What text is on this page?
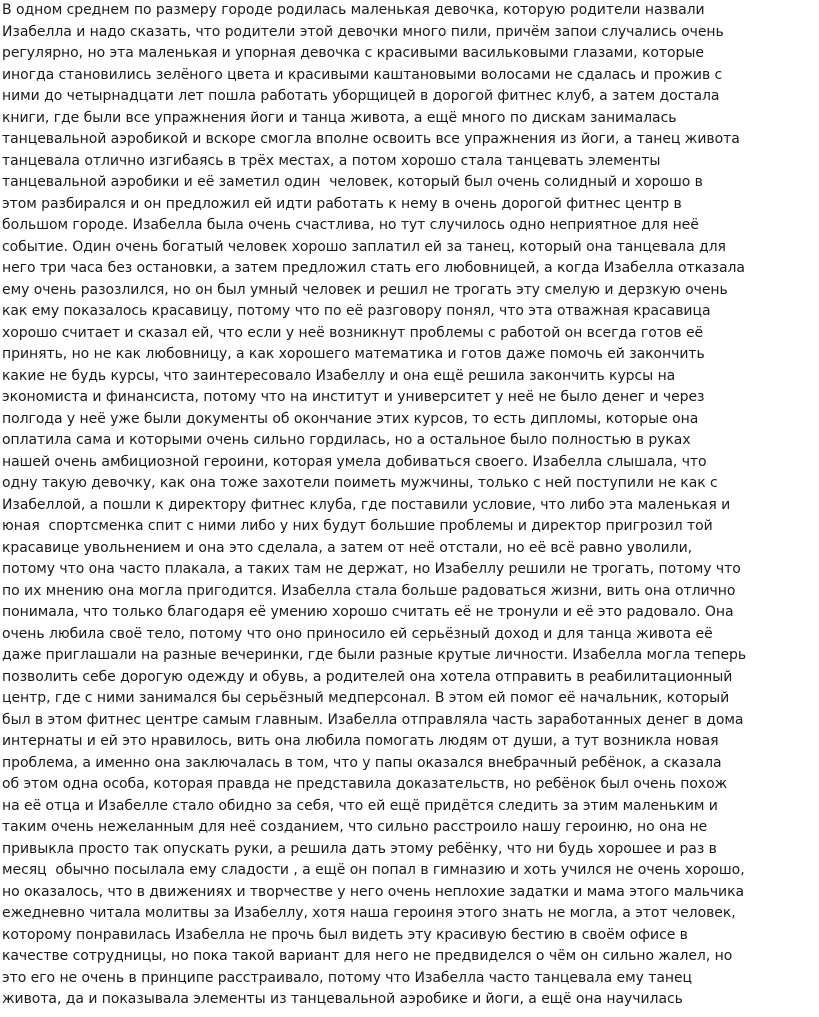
В одном среднем по размеру городе родилась маленькая девочка, которую родители назвали
Изабелла и надо сказать, что родители этой девочки много пили, причём запои случались очень
регулярно, но эта маленькая и упорная девочка с красивыми васильковыми глазами, которые
иногда становились зелёного цвета и красивыми каштановыми волосами не сдалась и прожив с
ними до четырнадцати лет пошла работать уборщицей в дорогой фитнес клуб, а затем достала
книги, где были все упражнения йоги и танца живота, а ещё много по дискам занималась
танцевальной аэробикой и вскоре смогла вполне освоить все упражнения из йоги, а танец живота
танцевала отлично изгибаясь в трёх местах, а потом хорошо стала танцевать элементы
танцевальной аэробики и её заметил один  человек, который был очень солидный и хорошо в
этом разбирался и он предложил ей идти работать к нему в очень дорогой фитнес центр в
большом городе. Изабелла была очень счастлива, но тут случилось одно неприятное для неё
событие. Один очень богатый человек хорошо заплатил ей за танец, который она танцевала для
него три часа без остановки, а затем предложил стать его любовницей, а когда Изабелла отказала
ему очень разозлился, но он был умный человек и решил не трогать эту смелую и дерзкую очень
как ему показалось красавицу, потому что по её разговору понял, что эта отважная красавица
хорошо считает и сказал ей, что если у неё возникнут проблемы с работой он всегда готов её
принять, но не как любовницу, а как хорошего математика и готов даже помочь ей закончить
какие не будь курсы, что заинтересовало Изабеллу и она ещё решила закончить курсы на
экономиста и финансиста, потому что на институт и университет у неё не было денег и через
полгода у неё уже были документы об окончание этих курсов, то есть дипломы, которые она
оплатила сама и которыми очень сильно гордилась, но а остальное было полностью в руках
нашей очень амбициозной героини, которая умела добиваться своего. Изабелла слышала, что
одну такую девочку, как она тоже захотели поиметь мужчины, только с ней поступили не как с
Изабеллой, а пошли к директору фитнес клуба, где поставили условие, что либо эта маленькая и
юная  спортсменка спит с ними либо у них будут большие проблемы и директор пригрозил той
красавице увольнением и она это сделала, а затем от неё отстали, но её всё равно уволили,
потому что она часто плакала, а таких там не держат, но Изабеллу решили не трогать, потому что
по их мнению она могла пригодится. Изабелла стала больше радоваться жизни, вить она отлично
понимала, что только благодаря её умению хорошо считать её не тронули и её это радовало. Она
очень любила своё тело, потому что оно приносило ей серьёзный доход и для танца живота её
даже приглашали на разные вечеринки, где были разные крутые личности. Изабелла могла теперь
позволить себе дорогую одежду и обувь, а родителей она хотела отправить в реабилитационный
центр, где с ними занимался бы серьёзный медперсонал. В этом ей помог её начальник, который
был в этом фитнес центре самым главным. Изабелла отправляла часть заработанных денег в дома
интернаты и ей это нравилось, вить она любила помогать людям от души, а тут возникла новая
проблема, а именно она заключалась в том, что у папы оказался внебрачный ребёнок, а сказала
об этом одна особа, которая правда не представила доказательств, но ребёнок был очень похож
на её отца и Изабелле стало обидно за себя, что ей ещё придётся следить за этим маленьким и
таким очень нежеланным для неё созданием, что сильно расстроило нашу героиню, но она не
привыкла просто так опускать руки, а решила дать этому ребёнку, что ни будь хорошее и раз в
месяц  обычно посылала ему сладости , а ещё он попал в гимназию и хоть учился не очень хорошо,
но оказалось, что в движениях и творчестве у него очень неплохие задатки и мама этого мальчика
ежедневно читала молитвы за Изабеллу, хотя наша героиня этого знать не могла, а этот человек,
которому понравилась Изабелла не прочь был видеть эту красивую бестию в своём офисе в
качестве сотрудницы, но пока такой вариант для него не предвиделся о чём он сильно жалел, но
это его не очень в принципе расстраивало, потому что Изабелла часто танцевала ему танец
живота, да и показывала элементы из танцевальной аэробике и йоги, а ещё она научилась
